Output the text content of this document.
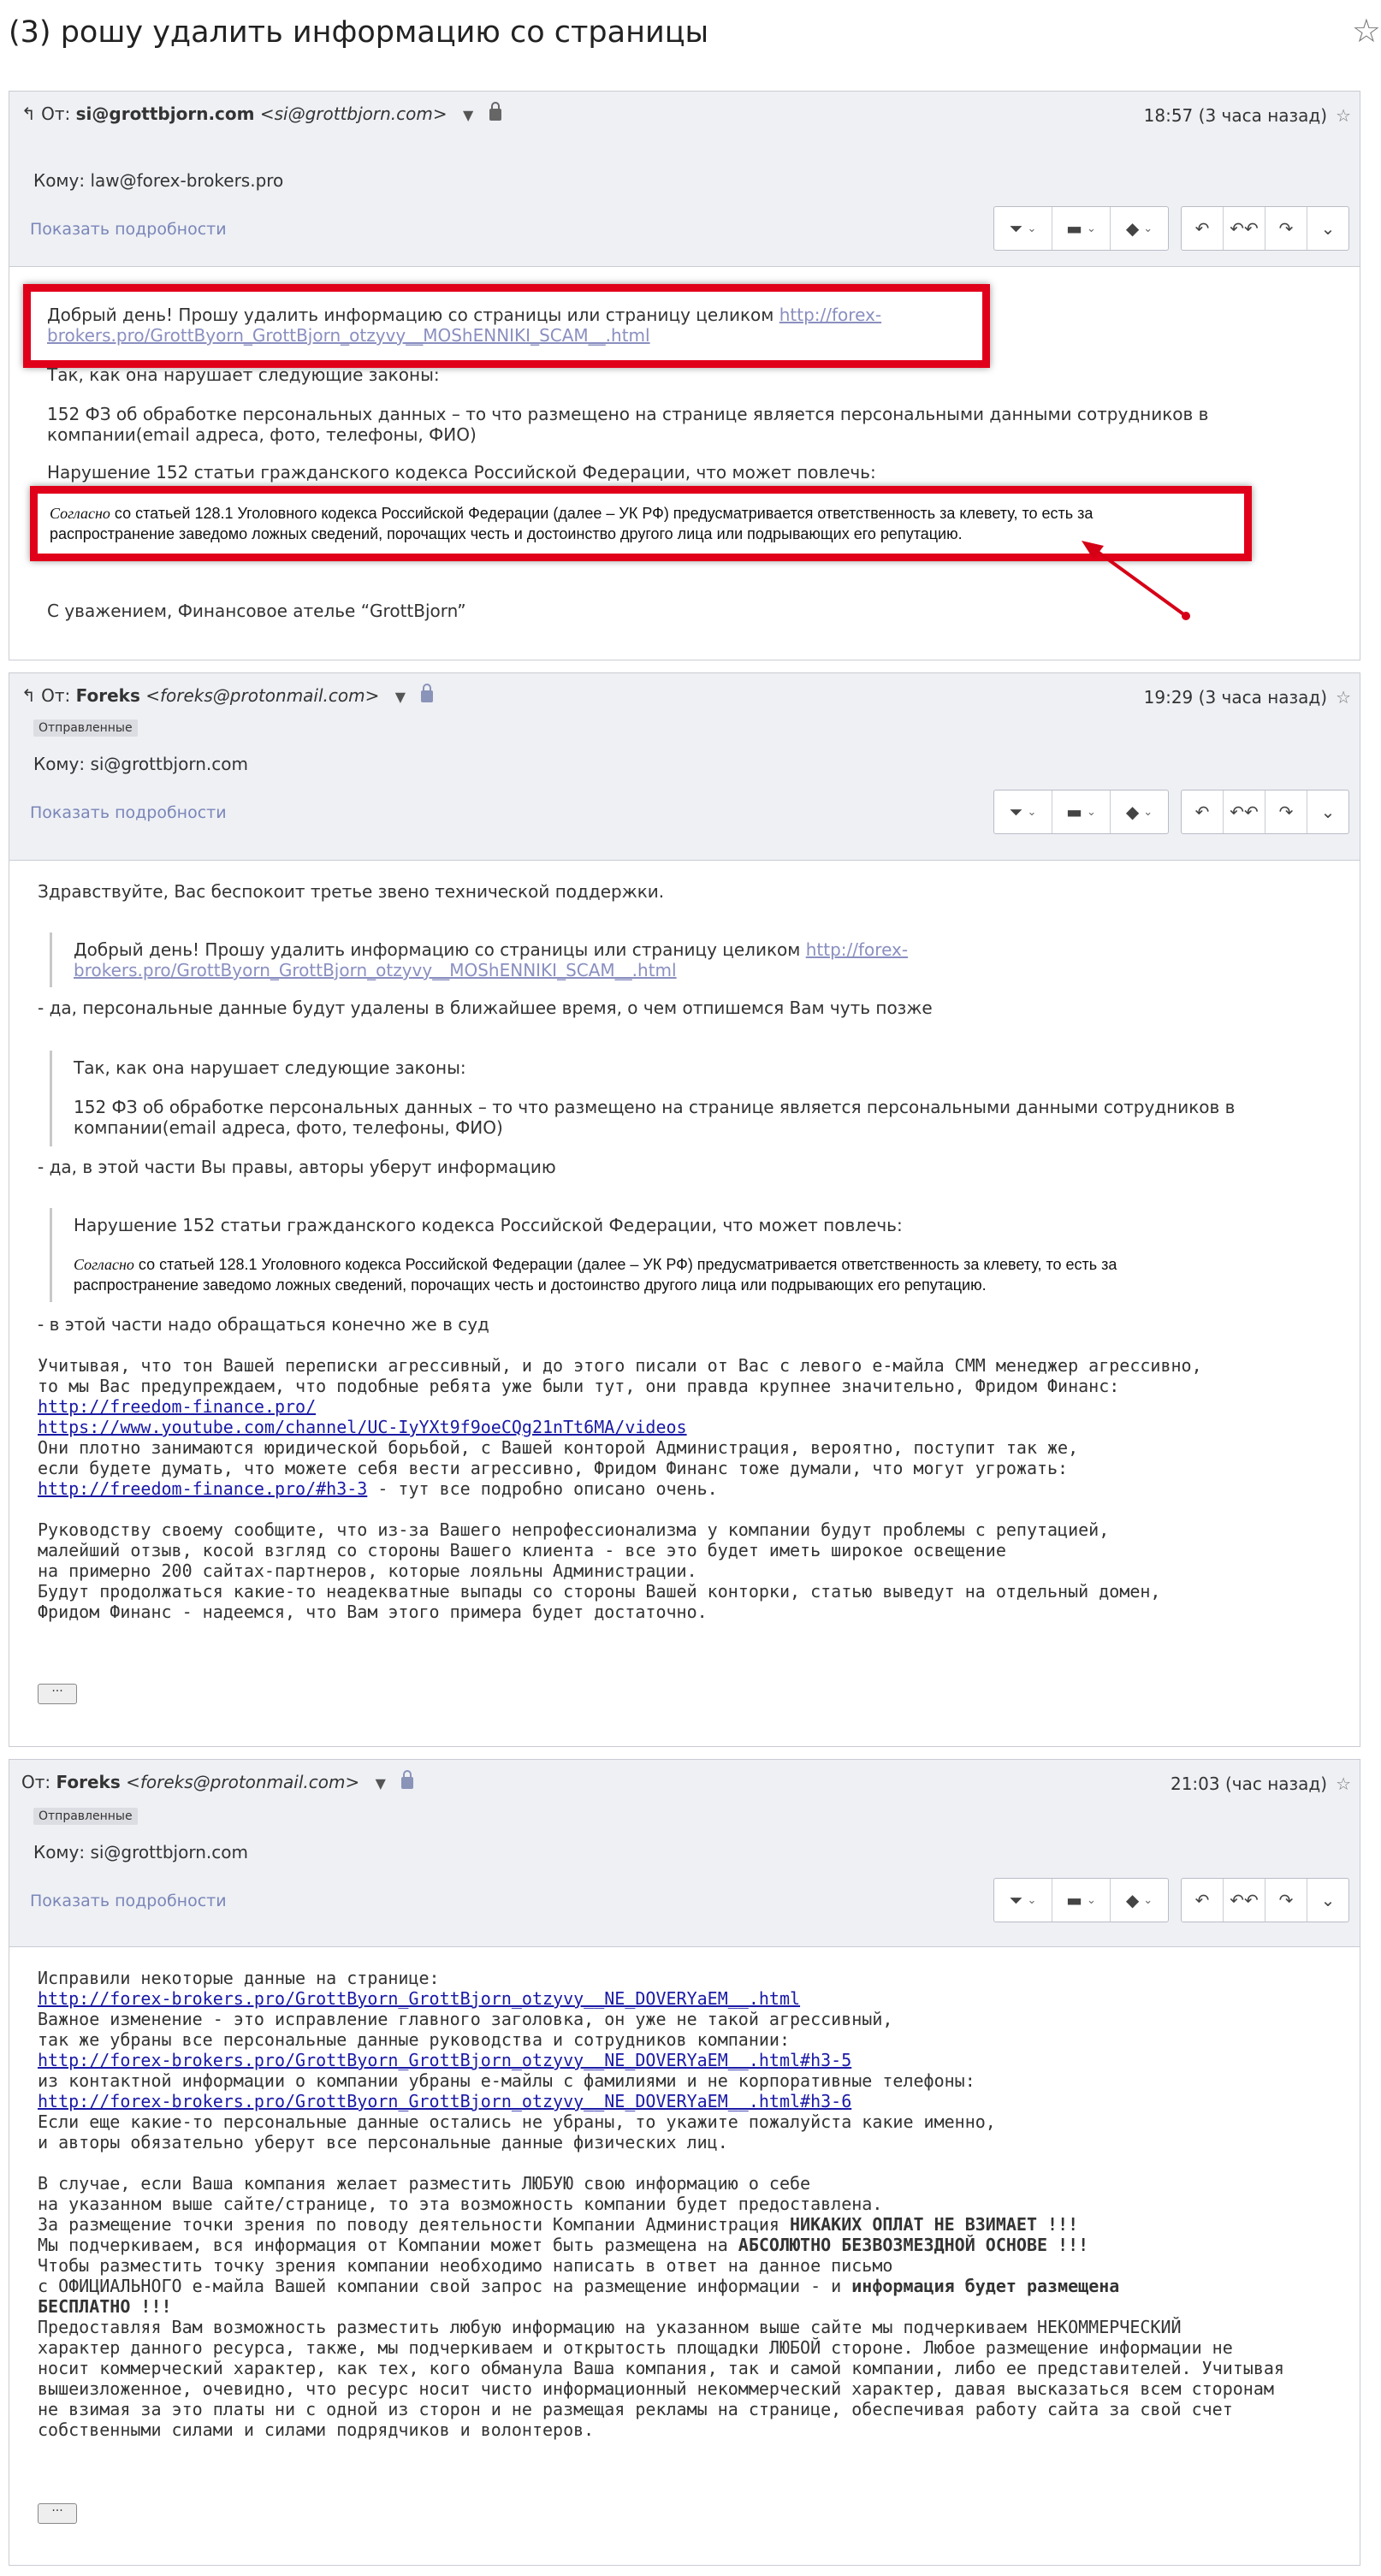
(3) рошу удалить информацию со страницы	☆
↰ От: si@grottbjorn.com <si@grottbjorn.com> ▼	18:57 (3 часа назад) ☆
Кому: law@forex-brokers.pro
Показать подробности	⏷ ⌄ ▬ ⌄ ◆ ⌄ ↶ ↶↶ ↷ ⌄
Добрый день! Прошу удалить информацию со страницы или страницу целиком http://forex-
brokers.pro/GrottByorn_GrottBjorn_otzyvy__MOShENNIKI_SCAM__.html
Так, как она нарушает следующие законы:
152 ФЗ об обработке персональных данных – то что размещено на странице является персональными данными сотрудников в
компании(email адреса, фото, телефоны, ФИО)
Нарушение 152 статьи гражданского кодекса Российской Федерации, что может повлечь:
Согласно со статьей 128.1 Уголовного кодекса Российской Федерации (далее – УК РФ) предусматривается ответственность за клевету, то есть за
распространение заведомо ложных сведений, порочащих честь и достоинство другого лица или подрывающих его репутацию.
С уважением, Финансовое ателье “GrottBjorn”
↰ От: Foreks <foreks@protonmail.com> ▼	19:29 (3 часа назад) ☆
Отправленные
Кому: si@grottbjorn.com
Показать подробности	⏷ ⌄ ▬ ⌄ ◆ ⌄ ↶ ↶↶ ↷ ⌄
Здравствуйте, Вас беспокоит третье звено технической поддержки.
Добрый день! Прошу удалить информацию со страницы или страницу целиком http://forex-
brokers.pro/GrottByorn_GrottBjorn_otzyvy__MOShENNIKI_SCAM__.html
- да, персональные данные будут удалены в ближайшее время, о чем отпишемся Вам чуть позже
Так, как она нарушает следующие законы:
152 ФЗ об обработке персональных данных – то что размещено на странице является персональными данными сотрудников в
компании(email адреса, фото, телефоны, ФИО)
- да, в этой части Вы правы, авторы уберут информацию
Нарушение 152 статьи гражданского кодекса Российской Федерации, что может повлечь:
Согласно со статьей 128.1 Уголовного кодекса Российской Федерации (далее – УК РФ) предусматривается ответственность за клевету, то есть за
распространение заведомо ложных сведений, порочащих честь и достоинство другого лица или подрывающих его репутацию.
- в этой части надо обращаться конечно же в суд
Учитывая, что тон Вашей переписки агрессивный, и до этого писали от Вас с левого е-майла СММ менеджер агрессивно,
то мы Вас предупреждаем, что подобные ребята уже были тут, они правда крупнее значительно, Фридом Финанс:
http://freedom-finance.pro/
https://www.youtube.com/channel/UC-IyYXt9f9oeCQg21nTt6MA/videos
Они плотно занимаются юридической борьбой, с Вашей конторой Администрация, вероятно, поступит так же,
если будете думать, что можете себя вести агрессивно, Фридом Финанс тоже думали, что могут угрожать:
http://freedom-finance.pro/#h3-3 - тут все подробно описано очень.
Руководству своему сообщите, что из-за Вашего непрофессионализма у компании будут проблемы с репутацией,
малейший отзыв, косой взгляд со стороны Вашего клиента - все это будет иметь широкое освещение
на примерно 200 сайтах-партнеров, которые лояльны Администрации.
Будут продолжаться какие-то неадекватные выпады со стороны Вашей конторки, статью выведут на отдельный домен,
Фридом Финанс - надеемся, что Вам этого примера будет достаточно.
···
От: Foreks <foreks@protonmail.com> ▼	21:03 (час назад) ☆
Отправленные
Кому: si@grottbjorn.com
Показать подробности	⏷ ⌄ ▬ ⌄ ◆ ⌄ ↶ ↶↶ ↷ ⌄
Исправили некоторые данные на странице:
http://forex-brokers.pro/GrottByorn_GrottBjorn_otzyvy__NE_DOVERYaEM__.html
Важное изменение - это исправление главного заголовка, он уже не такой агрессивный,
так же убраны все персональные данные руководства и сотрудников компании:
http://forex-brokers.pro/GrottByorn_GrottBjorn_otzyvy__NE_DOVERYaEM__.html#h3-5
из контактной информации о компании убраны е-майлы с фамилиями и не корпоративные телефоны:
http://forex-brokers.pro/GrottByorn_GrottBjorn_otzyvy__NE_DOVERYaEM__.html#h3-6
Если еще какие-то персональные данные остались не убраны, то укажите пожалуйста какие именно,
и авторы обязательно уберут все персональные данные физических лиц.
В случае, если Ваша компания желает разместить ЛЮБУЮ свою информацию о себе
на указанном выше сайте/странице, то эта возможность компании будет предоставлена.
За размещение точки зрения по поводу деятельности Компании Администрация НИКАКИХ ОПЛАТ НЕ ВЗИМАЕТ !!!
Мы подчеркиваем, вся информация от Компании может быть размещена на АБСОЛЮТНО БЕЗВОЗМЕЗДНОЙ ОСНОВЕ !!!
Чтобы разместить точку зрения компании необходимо написать в ответ на данное письмо
с ОФИЦИАЛЬНОГО е-майла Вашей компании свой запрос на размещение информации - и информация будет размещена
БЕСПЛАТНО !!!
Предоставляя Вам возможность разместить любую информацию на указанном выше сайте мы подчеркиваем НЕКОММЕРЧЕСКИЙ
характер данного ресурса, также, мы подчеркиваем и открытость площадки ЛЮБОЙ стороне. Любое размещение информации не
носит коммерческий характер, как тех, кого обманула Ваша компания, так и самой компании, либо ее представителей. Учитывая
вышеизложенное, очевидно, что ресурс носит чисто информационный некоммерческий характер, давая высказаться всем сторонам
не взимая за это платы ни с одной из сторон и не размещая рекламы на странице, обеспечивая работу сайта за свой счет
собственными силами и силами подрядчиков и волонтеров.
···
